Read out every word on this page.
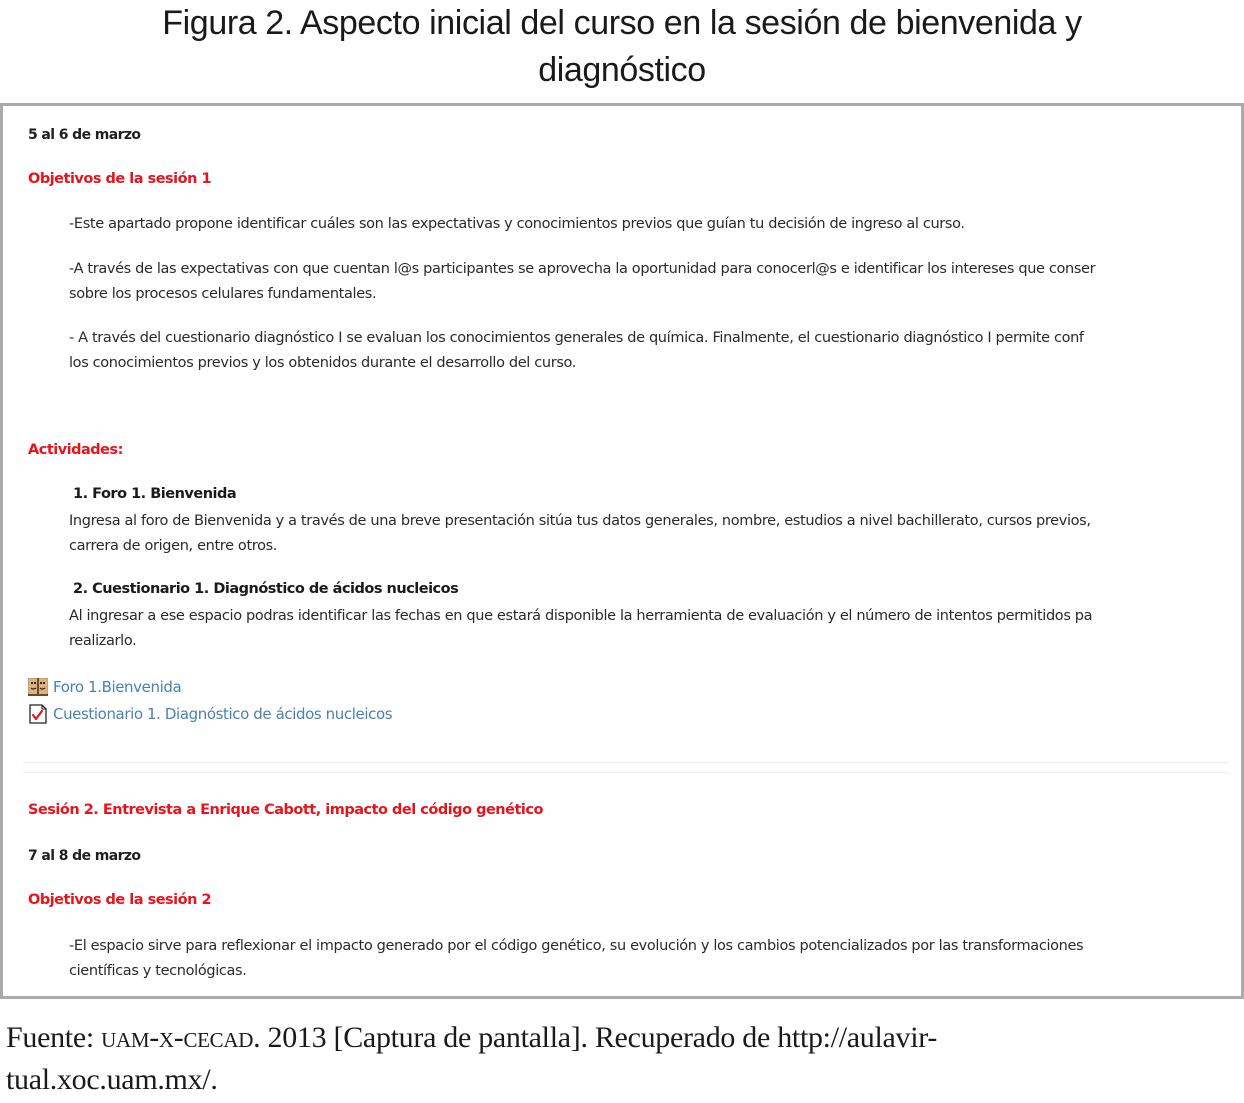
Figura 2. Aspecto inicial del curso en la sesión de bienvenida y
diagnóstico
5 al 6 de marzo
Objetivos de la sesión 1
-Este apartado propone identificar cuáles son las expectativas y conocimientos previos que guían tu decisión de ingreso al curso.
-A través de las expectativas con que cuentan l@s participantes se aprovecha la oportunidad para conocerl@s e identificar los intereses que conser
sobre los procesos celulares fundamentales.
- A través del cuestionario diagnóstico I se evaluan los conocimientos generales de química. Finalmente, el cuestionario diagnóstico I permite conf
los conocimientos previos y los obtenidos durante el desarrollo del curso.
Actividades:
1. Foro 1. Bienvenida
Ingresa al foro de Bienvenida y a través de una breve presentación sitúa tus datos generales, nombre, estudios a nivel bachillerato, cursos previos,
carrera de origen, entre otros.
2. Cuestionario 1. Diagnóstico de ácidos nucleicos
Al ingresar a ese espacio podras identificar las fechas en que estará disponible la herramienta de evaluación y el número de intentos permitidos pa
realizarlo.
Foro 1.Bienvenida
Cuestionario 1. Diagnóstico de ácidos nucleicos
Sesión 2. Entrevista a Enrique Cabott, impacto del código genético
7 al 8 de marzo
Objetivos de la sesión 2
-El espacio sirve para reflexionar el impacto generado por el código genético, su evolución y los cambios potencializados por las transformaciones
científicas y tecnológicas.
Fuente: uam-x-cecad. 2013 [Captura de pantalla]. Recuperado de http://aulavir-
tual.xoc.uam.mx/.
